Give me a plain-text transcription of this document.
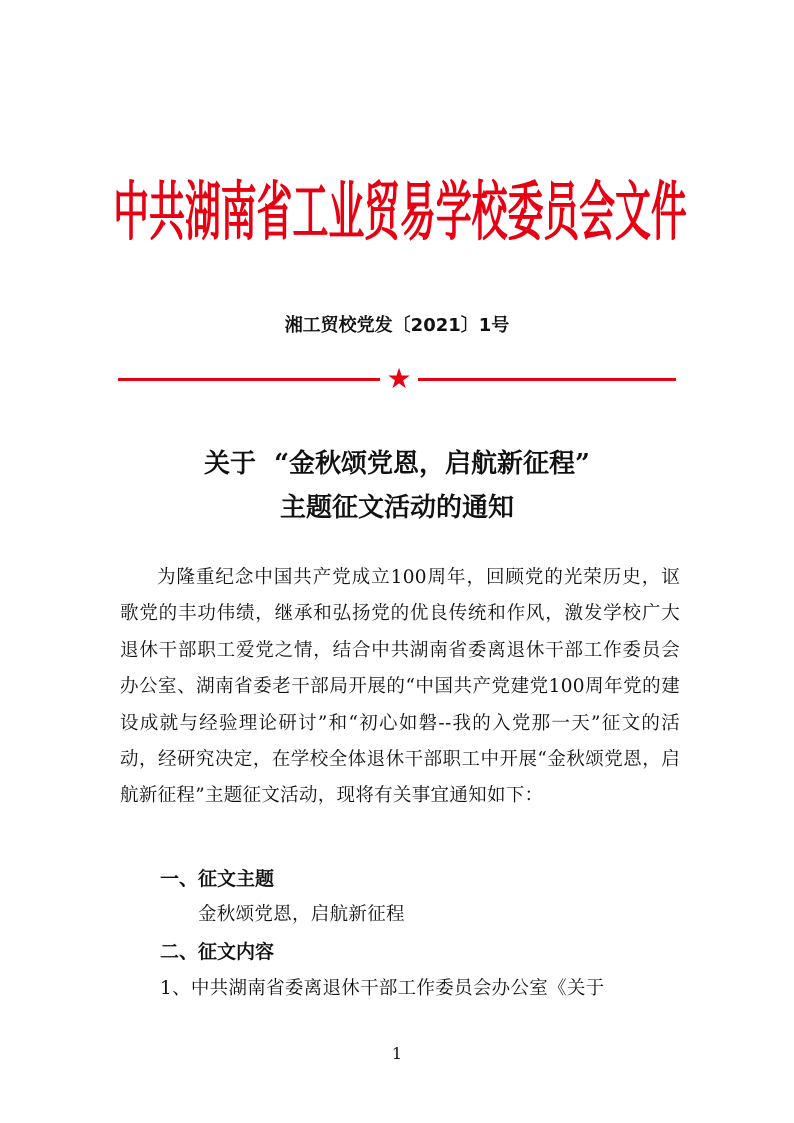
中共湖南省工业贸易学校委员会文件

湘工贸校党发〔2021〕1号

★
关于  “金秋颂党恩，启航新征程”
主题征文活动的通知

为隆重纪念中国共产党成立100周年，回顾党的光荣历史，讴歌党的丰功伟绩，继承和弘扬党的优良传统和作风，激发学校广大退休干部职工爱党之情，结合中共湖南省委离退休干部工作委员会办公室、湖南省委老干部局开展的“中国共产党建党100周年党的建设成就与经验理论研讨”和“初心如磐--我的入党那一天”征文的活动，经研究决定，在学校全体退休干部职工中开展“金秋颂党恩，启航新征程”主题征文活动，现将有关事宜通知如下：

一、征文主题

金秋颂党恩，启航新征程

二、征文内容

1、中共湖南省委离退休干部工作委员会办公室《关于

1
